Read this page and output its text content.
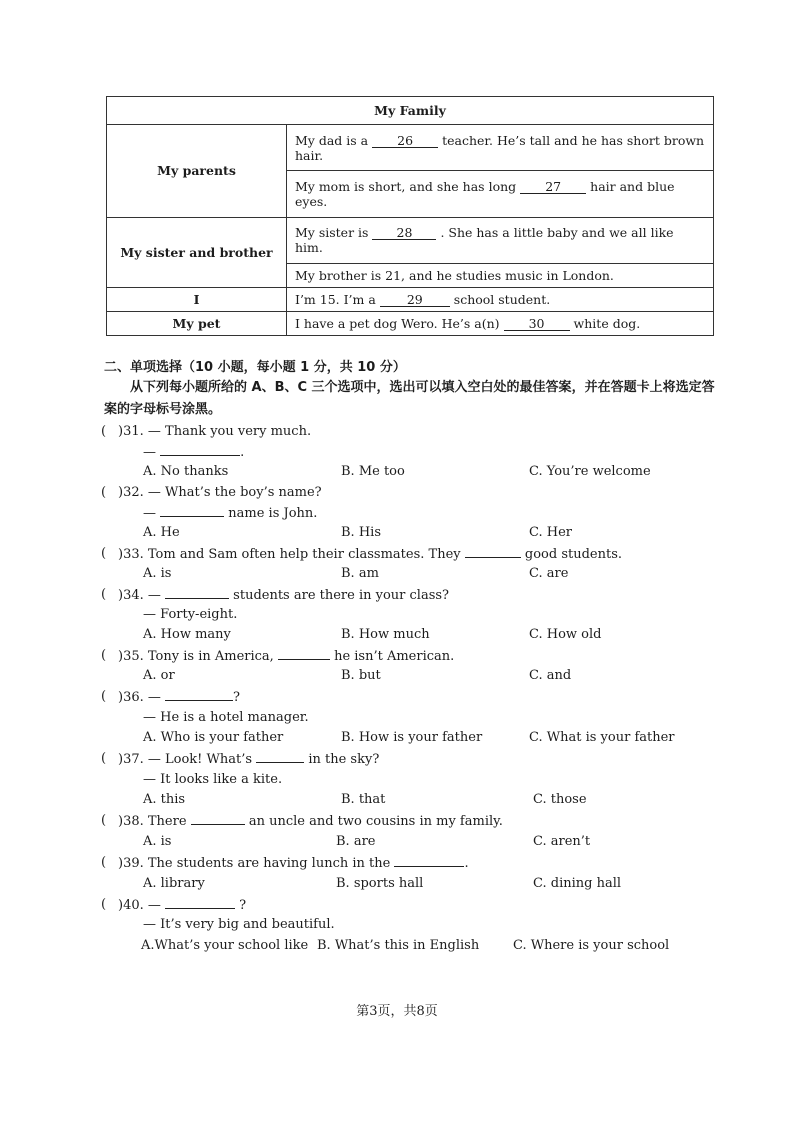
My Family	
My parents	My dad is a 26 teacher. He’s tall and he has short brown hair.
	My mom is short, and she has long 27 hair and blue eyes.
My sister and brother	My sister is 28 . She has a little baby and we all like him.
	My brother is 21, and he studies music in London.
I	I’m 15. I’m a 29 school student.
My pet	I have a pet dog Wero. He’s a(n) 30 white dog.
二、单项选择（10 小题，每小题 1 分，共 10 分）
从下列每小题所给的 A、B、C 三个选项中，选出可以填入空白处的最佳答案，并在答题卡上将选定答案的字母标号涂黑。
( )31. — Thank you very much.
—	.
A. No thanks	B. Me too	C. You’re welcome
( )32. — What’s the boy’s name?
—	name is John.
A. He	B. His	C. Her
( )33. Tom and Sam often help their classmates. They	good students.
A. is	B. am	C. are
( )34. —	students are there in your class?
— Forty-eight.
A. How many	B. How much	C. How old
( )35. Tony is in America,	he isn’t American.
A. or	B. but	C. and
( )36. —	?
— He is a hotel manager.
A. Who is your father	B. How is your father	C. What is your father
( )37. — Look! What’s	in the sky?
— It looks like a kite.
A. this	B. that	C. those
( )38. There	an uncle and two cousins in my family.
A. is	B. are	C. aren’t
( )39. The students are having lunch in the	.
A. library	B. sports hall	C. dining hall
( )40. —	?
— It’s very big and beautiful.
A.What’s your school like B. What’s this in English	C. Where is your school
第3页，共8页
